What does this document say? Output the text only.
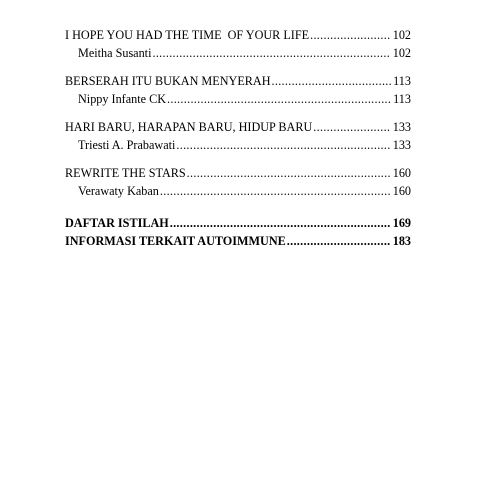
I HOPE YOU HAD THE TIME  OF YOUR LIFE .....	102
Meitha Susanti .....	102
BERSERAH ITU BUKAN MENYERAH .....	113
Nippy Infante CK .....	113
HARI BARU, HARAPAN BARU, HIDUP BARU .....	133
Triesti A. Prabawati .....	133
REWRITE THE STARS .....	160
Verawaty Kaban .....	160
DAFTAR ISTILAH .....	169
INFORMASI TERKAIT AUTOIMMUNE .....	183
